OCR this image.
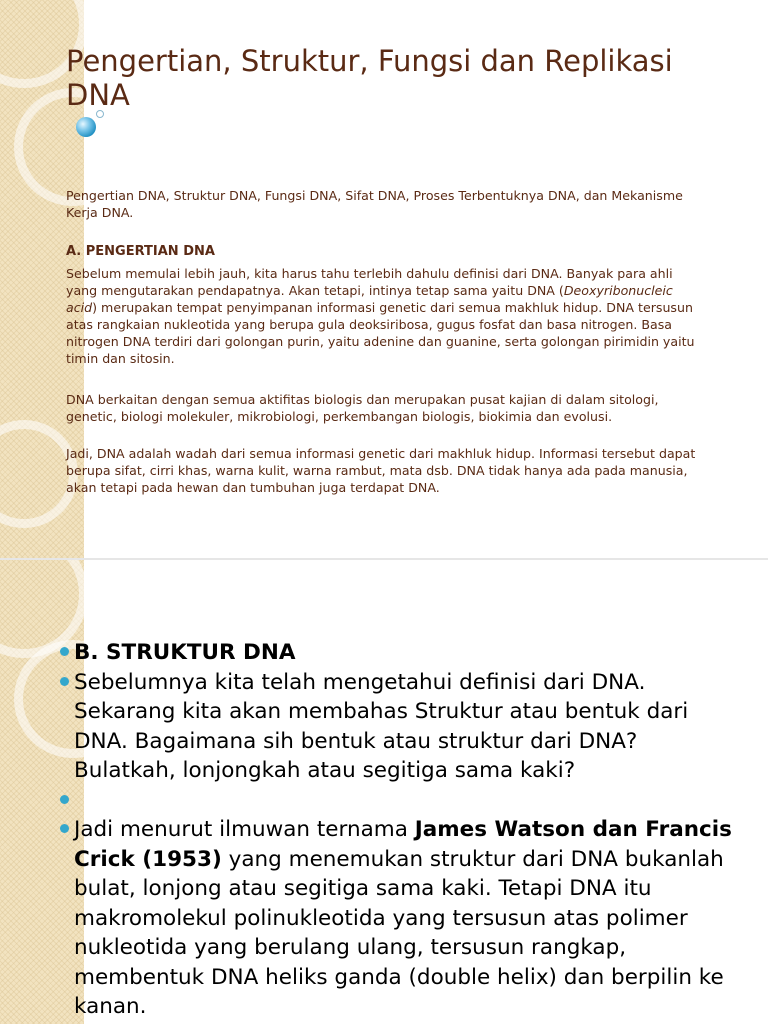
Pengertian, Struktur, Fungsi dan Replikasi DNA

Pengertian DNA, Struktur DNA, Fungsi DNA, Sifat DNA, Proses Terbentuknya DNA, dan Mekanisme Kerja DNA.

A. PENGERTIAN DNA

Sebelum memulai lebih jauh, kita harus tahu terlebih dahulu definisi dari DNA. Banyak para ahli yang mengutarakan pendapatnya. Akan tetapi, intinya tetap sama yaitu DNA (Deoxyribonucleic acid) merupakan tempat penyimpanan informasi genetic dari semua makhluk hidup. DNA tersusun atas rangkaian nukleotida yang berupa gula deoksiribosa, gugus fosfat dan basa nitrogen. Basa nitrogen DNA terdiri dari golongan purin, yaitu adenine dan guanine, serta golongan pirimidin yaitu timin dan sitosin.

DNA berkaitan dengan semua aktifitas biologis dan merupakan pusat kajian di dalam sitologi, genetic, biologi molekuler, mikrobiologi, perkembangan biologis, biokimia dan evolusi.

Jadi, DNA adalah wadah dari semua informasi genetic dari makhluk hidup. Informasi tersebut dapat berupa sifat, cirri khas, warna kulit, warna rambut, mata dsb. DNA tidak hanya ada pada manusia, akan tetapi pada hewan dan tumbuhan juga terdapat DNA.

B. STRUKTUR DNA
Sebelumnya kita telah mengetahui definisi dari DNA. Sekarang kita akan membahas Struktur atau bentuk dari DNA. Bagaimana sih bentuk atau struktur dari DNA? Bulatkah, lonjongkah atau segitiga sama kaki?
Jadi menurut ilmuwan ternama James Watson dan Francis Crick (1953) yang menemukan struktur dari DNA bukanlah bulat, lonjong atau segitiga sama kaki. Tetapi DNA itu makromolekul polinukleotida yang tersusun atas polimer nukleotida yang berulang ulang, tersusun rangkap, membentuk DNA heliks ganda (double helix) dan berpilin ke kanan.
